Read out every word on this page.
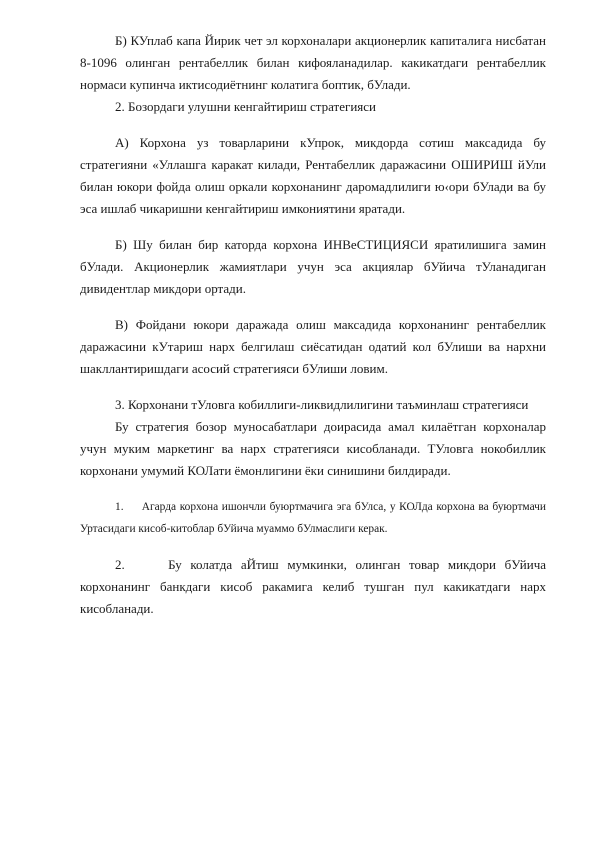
Б) КУплаб капа Йирик чет эл корхоналари акционерлик капиталига нисбатан 8-1096 олинган рентабеллик билан кифояланадилар. какикатдаги рентабеллик нормаси купинча иктисодиётнинг колатига боптик, бУлади.

2. Бозордаги улушни кенгайтириш стратегияси

А) Корхона уз товарларини кУпрок, микдорда сотиш максадида бу стратегияни «Уллашга каракат килади, Рентабеллик даражасини ОШИРИШ йУли билан юкори фойда олиш оркали корхонанинг даромадлилиги ю‹ори бУлади ва бу эса ишлаб чикаришни кенгайтириш имкониятини яратади.

Б) Шу билан бир каторда корхона ИНВеСТИЦИЯСИ яратилишига замин бУлади. Акционерлик жамиятлари учун эса акциялар бУйича тУланадиган дивидентлар микдори ортади.

В) Фойдани юкори даражада олиш максадида корхонанинг рентабеллик даражасини кУтариш нарх белгилаш сиёсатидан одатий кол бУлиши ва нархни шакллантиришдаги асосий стратегияси бУлиши ловим.

3. Корхонани тУловга кобиллиги-ликвидлилигини таъминлаш стратегияси

Бу стратегия бозор муносабатлари доирасида амал килаётган корхоналар учун муким маркетинг ва нарх стратегияси кисобланади. ТУловга нокобиллик корхонани умумий КОЛати ёмонлигини ёки синишини билдиради.

1. Агарда корхона ишончли буюртмачига эга бУлса, у КОЛда корхона ва буюртмачи Уртасидаги кисоб-китоблар бУйича муаммо бУлмаслиги керак.

2.	Бу колатда аЙтиш мумкинки, олинган товар микдори бУйича корхонанинг банкдаги кисоб ракамига келиб тушган пул какикатдаги нарх кисобланади.
